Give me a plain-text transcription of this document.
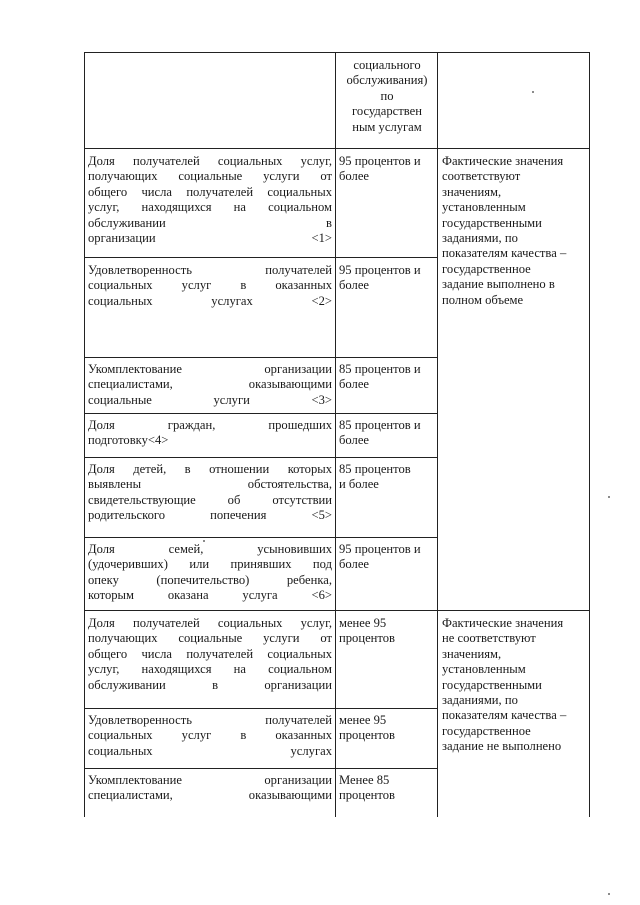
социального
обслуживания)
по
государствен
ным услугам
Доля получателей социальных услуг,
получающих социальные услуги от
общего числа получателей социальных
услуг, находящихся на социальном
обслуживании в
организации <1>
95 процентов и
более
Удовлетворенность получателей
социальных услуг в оказанных
социальных услугах <2>
95 процентов и
более
Укомплектование организации
специалистами, оказывающими
социальные услуги <3>
85 процентов и
более
Доля граждан, прошедших
подготовку<4>
85 процентов и
более
Доля детей, в отношении которых
выявлены обстоятельства,
свидетельствующие об отсутствии
родительского попечения <5>
85 процентов
и более
Доля семей, усыновивших
(удочеривших) или принявших под
опеку (попечительство) ребенка,
которым оказана услуга <6>
95 процентов и
более
Доля получателей социальных услуг,
получающих социальные услуги от
общего числа получателей социальных
услуг, находящихся на социальном
обслуживании в организации
менее 95
процентов
Удовлетворенность получателей
социальных услуг в оказанных
социальных услугах
менее 95
процентов
Укомплектование организации
специалистами, оказывающими
Менее 85
процентов
Фактические значения
соответствуют
значениям,
установленным
государственными
заданиями, по
показателям качества –
государственное
задание выполнено в
полном объеме
Фактические значения
не соответствуют
значениям,
установленным
государственными
заданиями, по
показателям качества –
государственное
задание не выполнено
